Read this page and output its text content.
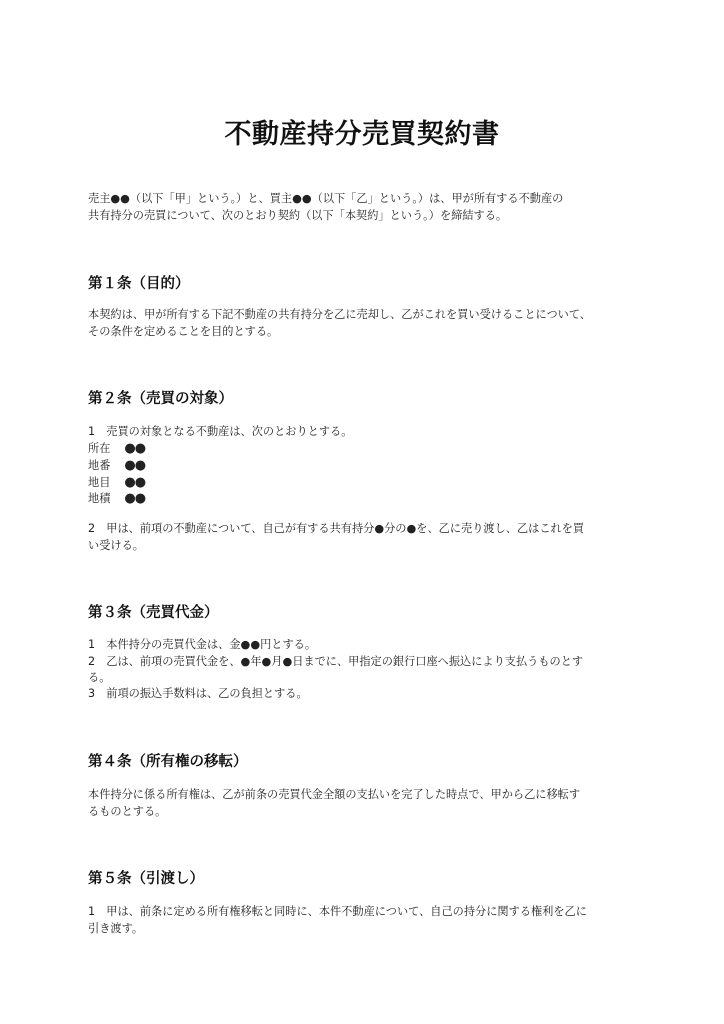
不動産持分売買契約書
売主●●（以下「甲」という。）と、買主●●（以下「乙」という。）は、甲が所有する不動産の
共有持分の売買について、次のとおり契約（以下「本契約」という。）を締結する。
第１条（目的）
本契約は、甲が所有する下記不動産の共有持分を乙に売却し、乙がこれを買い受けることについて、
その条件を定めることを目的とする。
第２条（売買の対象）
1　売買の対象となる不動産は、次のとおりとする。
所在 ●●
地番 ●●
地目 ●●
地積 ●●
2　甲は、前項の不動産について、自己が有する共有持分●分の●を、乙に売り渡し、乙はこれを買
い受ける。
第３条（売買代金）
1　本件持分の売買代金は、金●●円とする。
2　乙は、前項の売買代金を、●年●月●日までに、甲指定の銀行口座へ振込により支払うものとす
る。
3　前項の振込手数料は、乙の負担とする。
第４条（所有権の移転）
本件持分に係る所有権は、乙が前条の売買代金全額の支払いを完了した時点で、甲から乙に移転す
るものとする。
第５条（引渡し）
1　甲は、前条に定める所有権移転と同時に、本件不動産について、自己の持分に関する権利を乙に
引き渡す。
